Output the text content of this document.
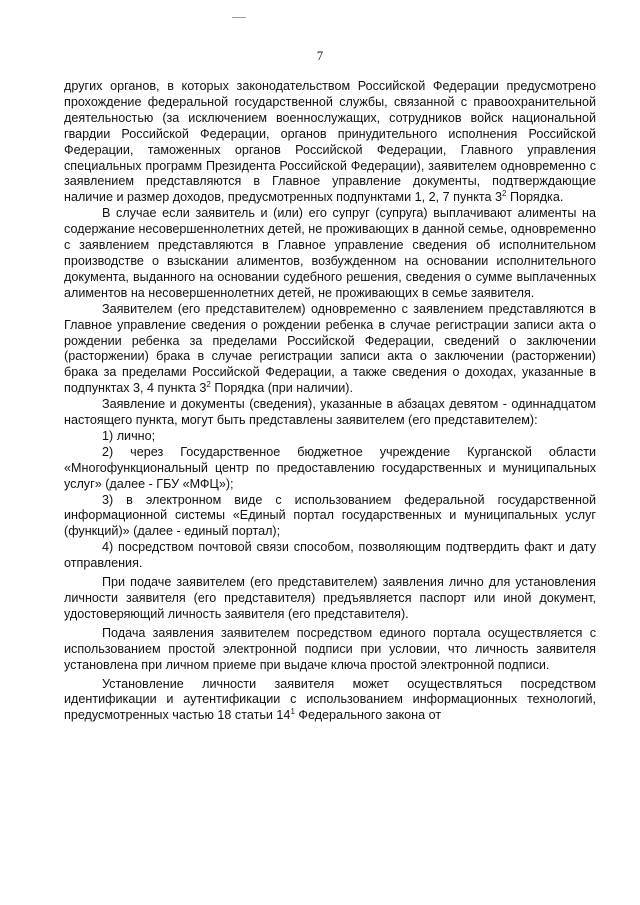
7

других органов, в которых законодательством Российской Федерации предусмотрено прохождение федеральной государственной службы, связанной с правоохранительной деятельностью (за исключением военнослужащих, сотрудников войск национальной гвардии Российской Федерации, органов принудительного исполнения Российской Федерации, таможенных органов Российской Федерации, Главного управления специальных программ Президента Российской Федерации), заявителем одновременно с заявлением представляются в Главное управление документы, подтверждающие наличие и размер доходов, предусмотренных подпунктами 1, 2, 7 пункта $3^2$ Порядка.

В случае если заявитель и (или) его супруг (супруга) выплачивают алименты на содержание несовершеннолетних детей, не проживающих в данной семье, одновременно с заявлением представляются в Главное управление сведения об исполнительном производстве о взыскании алиментов, возбужденном на основании исполнительного документа, выданного на основании судебного решения, сведения о сумме выплаченных алиментов на несовершеннолетних детей, не проживающих в семье заявителя.

Заявителем (его представителем) одновременно с заявлением представляются в Главное управление сведения о рождении ребенка в случае регистрации записи акта о рождении ребенка за пределами Российской Федерации, сведений о заключении (расторжении) брака в случае регистрации записи акта о заключении (расторжении) брака за пределами Российской Федерации, а также сведения о доходах, указанные в подпунктах 3, 4 пункта $3^2$ Порядка (при наличии).

Заявление и документы (сведения), указанные в абзацах девятом - одиннадцатом настоящего пункта, могут быть представлены заявителем (его представителем):

1) лично;

2) через Государственное бюджетное учреждение Курганской области «Многофункциональный центр по предоставлению государственных и муниципальных услуг» (далее - ГБУ «МФЦ»);

3) в электронном виде с использованием федеральной государственной информационной системы «Единый портал государственных и муниципальных услуг (функций)» (далее - единый портал);

4) посредством почтовой связи способом, позволяющим подтвердить факт и дату отправления.

При подаче заявителем (его представителем) заявления лично для установления личности заявителя (его представителя) предъявляется паспорт или иной документ, удостоверяющий личность заявителя (его представителя).

Подача заявления заявителем посредством единого портала осуществляется с использованием простой электронной подписи при условии, что личность заявителя установлена при личном приеме при выдаче ключа простой электронной подписи.

Установление личности заявителя может осуществляться посредством идентификации и аутентификации с использованием информационных технологий, предусмотренных частью 18 статьи $14^1$ Федерального закона от
